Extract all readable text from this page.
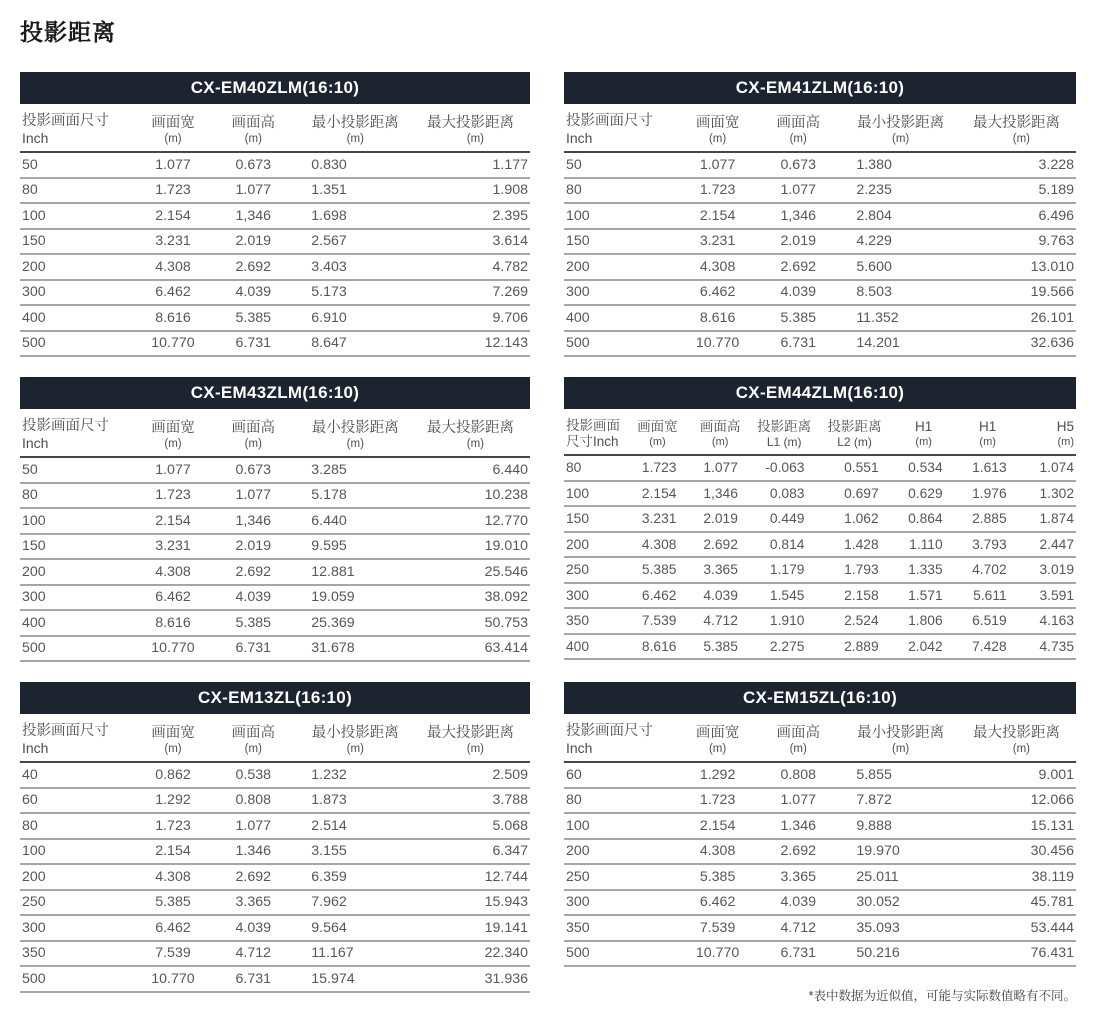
投影距离
CX-EM40ZLM(16:10)
投影画面尺寸
Inch

画面宽
(m)

画面高
(m)

最小投影距离
(m)

最大投影距离
(m)

50	1.077	0.673	0.830	1.177
80	1.723	1.077	1.351	1.908
100	2.154	1,346	1.698	2.395
150	3.231	2.019	2.567	3.614
200	4.308	2.692	3.403	4.782
300	6.462	4.039	5.173	7.269
400	8.616	5.385	6.910	9.706
500	10.770	6.731	8.647	12.143
CX-EM41ZLM(16:10)
投影画面尺寸
Inch

画面宽
(m)

画面高
(m)

最小投影距离
(m)

最大投影距离
(m)

50	1.077	0.673	1.380	3.228
80	1.723	1.077	2.235	5.189
100	2.154	1,346	2.804	6.496
150	3.231	2.019	4.229	9.763
200	4.308	2.692	5.600	13.010
300	6.462	4.039	8.503	19.566
400	8.616	5.385	11.352	26.101
500	10.770	6.731	14.201	32.636
CX-EM43ZLM(16:10)
投影画面尺寸
Inch

画面宽
(m)

画面高
(m)

最小投影距离
(m)

最大投影距离
(m)

50	1.077	0.673	3.285	6.440
80	1.723	1.077	5.178	10.238
100	2.154	1,346	6.440	12.770
150	3.231	2.019	9.595	19.010
200	4.308	2.692	12.881	25.546
300	6.462	4.039	19.059	38.092
400	8.616	5.385	25.369	50.753
500	10.770	6.731	31.678	63.414
CX-EM44ZLM(16:10)
投影画面
尺寸Inch

画面宽
(m)

画面高
(m)

投影距离
L1 (m)

投影距离
L2 (m)

H1
(m)

H1
(m)

H5
(m)

80	1.723	1.077	-0.063	0.551	0.534	1.613	1.074
100	2.154	1,346	0.083	0.697	0.629	1.976	1.302
150	3.231	2.019	0.449	1.062	0.864	2.885	1.874
200	4.308	2.692	0.814	1.428	1.110	3.793	2.447
250	5.385	3.365	1.179	1.793	1.335	4.702	3.019
300	6.462	4.039	1.545	2.158	1.571	5.611	3.591
350	7.539	4.712	1.910	2.524	1.806	6.519	4.163
400	8.616	5.385	2.275	2.889	2.042	7.428	4.735
CX-EM13ZL(16:10)
投影画面尺寸
Inch

画面宽
(m)

画面高
(m)

最小投影距离
(m)

最大投影距离
(m)

40	0.862	0.538	1.232	2.509
60	1.292	0.808	1.873	3.788
80	1.723	1.077	2.514	5.068
100	2.154	1.346	3.155	6.347
200	4.308	2.692	6.359	12.744
250	5.385	3.365	7.962	15.943
300	6.462	4.039	9.564	19.141
350	7.539	4.712	11.167	22.340
500	10.770	6.731	15.974	31.936
CX-EM15ZL(16:10)
投影画面尺寸
Inch

画面宽
(m)

画面高
(m)

最小投影距离
(m)

最大投影距离
(m)

60	1.292	0.808	5.855	9.001
80	1.723	1.077	7.872	12.066
100	2.154	1.346	9.888	15.131
200	4.308	2.692	19.970	30.456
250	5.385	3.365	25.011	38.119
300	6.462	4.039	30.052	45.781
350	7.539	4.712	35.093	53.444
500	10.770	6.731	50.216	76.431
*表中数据为近似值，可能与实际数值略有不同。
